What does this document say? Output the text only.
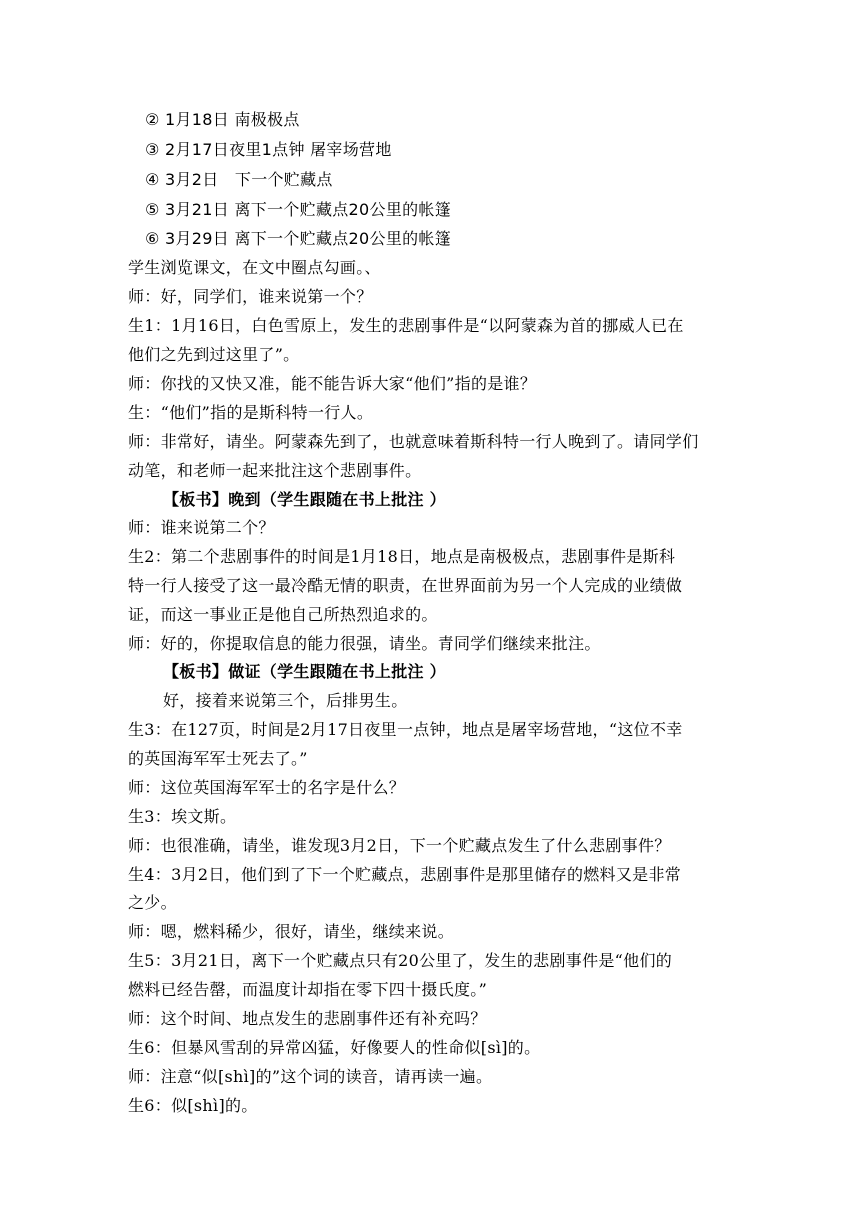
② 1月18日 南极极点
③ 2月17日夜里1点钟 屠宰场营地
④ 3月2日　下一个贮藏点
⑤ 3月21日 离下一个贮藏点20公里的帐篷
⑥ 3月29日 离下一个贮藏点20公里的帐篷
学生浏览课文，在文中圈点勾画。、
师：好，同学们，谁来说第一个？
生1：1月16日，白色雪原上，发生的悲剧事件是“以阿蒙森为首的挪威人已在
他们之先到过这里了”。
师：你找的又快又准，能不能告诉大家“他们”指的是谁？
生：“他们”指的是斯科特一行人。
师：非常好，请坐。阿蒙森先到了，也就意味着斯科特一行人晚到了。请同学们
动笔，和老师一起来批注这个悲剧事件。
【板书】晚到（学生跟随在书上批注 ）
师：谁来说第二个？
生2：第二个悲剧事件的时间是1月18日，地点是南极极点，悲剧事件是斯科
特一行人接受了这一最冷酷无情的职责，在世界面前为另一个人完成的业绩做
证，而这一事业正是他自己所热烈追求的。
师：好的，你提取信息的能力很强，请坐。青同学们继续来批注。
【板书】做证（学生跟随在书上批注 ）
好，接着来说第三个，后排男生。
生3：在127页，时间是2月17日夜里一点钟，地点是屠宰场营地，“这位不幸
的英国海军军士死去了。”
师：这位英国海军军士的名字是什么？
生3：埃文斯。
师：也很准确，请坐，谁发现3月2日，下一个贮藏点发生了什么悲剧事件？
生4：3月2日，他们到了下一个贮藏点，悲剧事件是那里储存的燃料又是非常
之少。
师：嗯，燃料稀少，很好，请坐，继续来说。
生5：3月21日，离下一个贮藏点只有20公里了，发生的悲剧事件是“他们的
燃料已经告罄，而温度计却指在零下四十摄氏度。”
师：这个时间、地点发生的悲剧事件还有补充吗？
生6：但暴风雪刮的异常凶猛，好像要人的性命似[sì]的。
师：注意“似[shì]的”这个词的读音，请再读一遍。
生6：似[shì]的。
